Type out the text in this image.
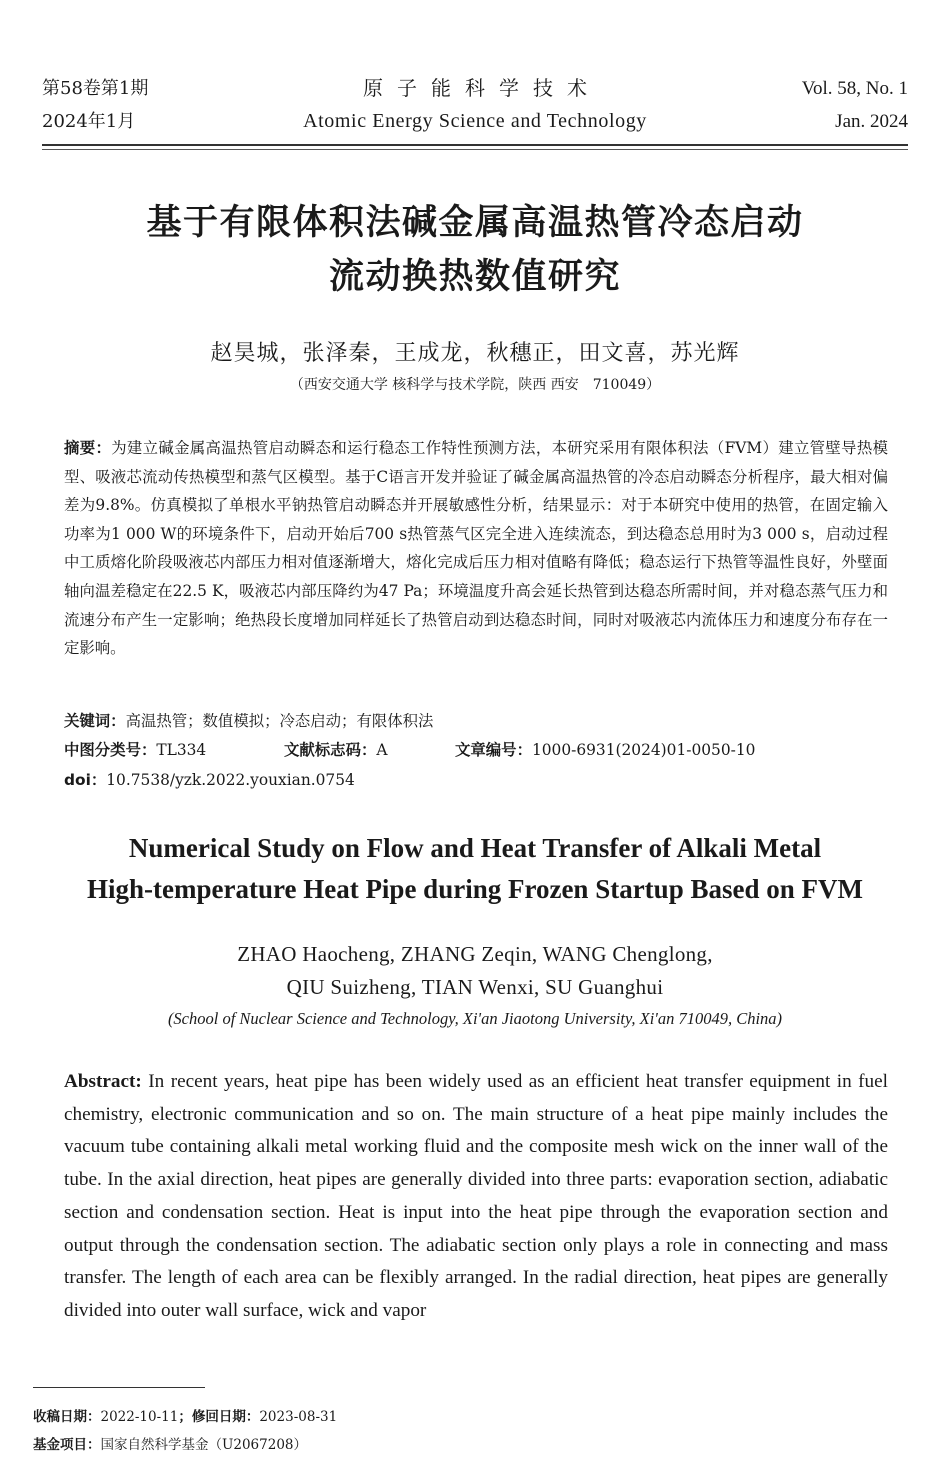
第58卷第1期
2024年1月
原子能科学技术
Atomic Energy Science and Technology
Vol. 58, No. 1
Jan. 2024
基于有限体积法碱金属高温热管冷态启动
流动换热数值研究
赵昊城，张泽秦，王成龙，秋穗正，田文喜，苏光辉
（西安交通大学 核科学与技术学院，陕西 西安　710049）
摘要：为建立碱金属高温热管启动瞬态和运行稳态工作特性预测方法，本研究采用有限体积法（FVM）建立管壁导热模型、吸液芯流动传热模型和蒸气区模型。基于C语言开发并验证了碱金属高温热管的冷态启动瞬态分析程序，最大相对偏差为9.8%。仿真模拟了单根水平钠热管启动瞬态并开展敏感性分析，结果显示：对于本研究中使用的热管，在固定输入功率为1 000 W的环境条件下，启动开始后700 s热管蒸气区完全进入连续流态，到达稳态总用时为3 000 s，启动过程中工质熔化阶段吸液芯内部压力相对值逐渐增大，熔化完成后压力相对值略有降低；稳态运行下热管等温性良好，外壁面轴向温差稳定在22.5 K，吸液芯内部压降约为47 Pa；环境温度升高会延长热管到达稳态所需时间，并对稳态蒸气压力和流速分布产生一定影响；绝热段长度增加同样延长了热管启动到达稳态时间，同时对吸液芯内流体压力和速度分布存在一定影响。
关键词：高温热管；数值模拟；冷态启动；有限体积法
中图分类号：TL334	文献标志码：A	文章编号：1000-6931(2024)01-0050-10
doi：10.7538/yzk.2022.youxian.0754
Numerical Study on Flow and Heat Transfer of Alkali Metal
High-temperature Heat Pipe during Frozen Startup Based on FVM
ZHAO Haocheng, ZHANG Zeqin, WANG Chenglong,
QIU Suizheng, TIAN Wenxi, SU Guanghui
(School of Nuclear Science and Technology, Xi'an Jiaotong University, Xi'an 710049, China)
Abstract: In recent years, heat pipe has been widely used as an efficient heat transfer equipment in fuel chemistry, electronic communication and so on. The main structure of a heat pipe mainly includes the vacuum tube containing alkali metal working fluid and the composite mesh wick on the inner wall of the tube. In the axial direction, heat pipes are generally divided into three parts: evaporation section, adiabatic section and condensation section. Heat is input into the heat pipe through the evaporation section and output through the condensation section. The adiabatic section only plays a role in connecting and mass transfer. The length of each area can be flexibly arranged. In the radial direction, heat pipes are generally divided into outer wall surface, wick and vapor
收稿日期：2022-10-11；修回日期：2023-08-31
基金项目：国家自然科学基金（U2067208）
